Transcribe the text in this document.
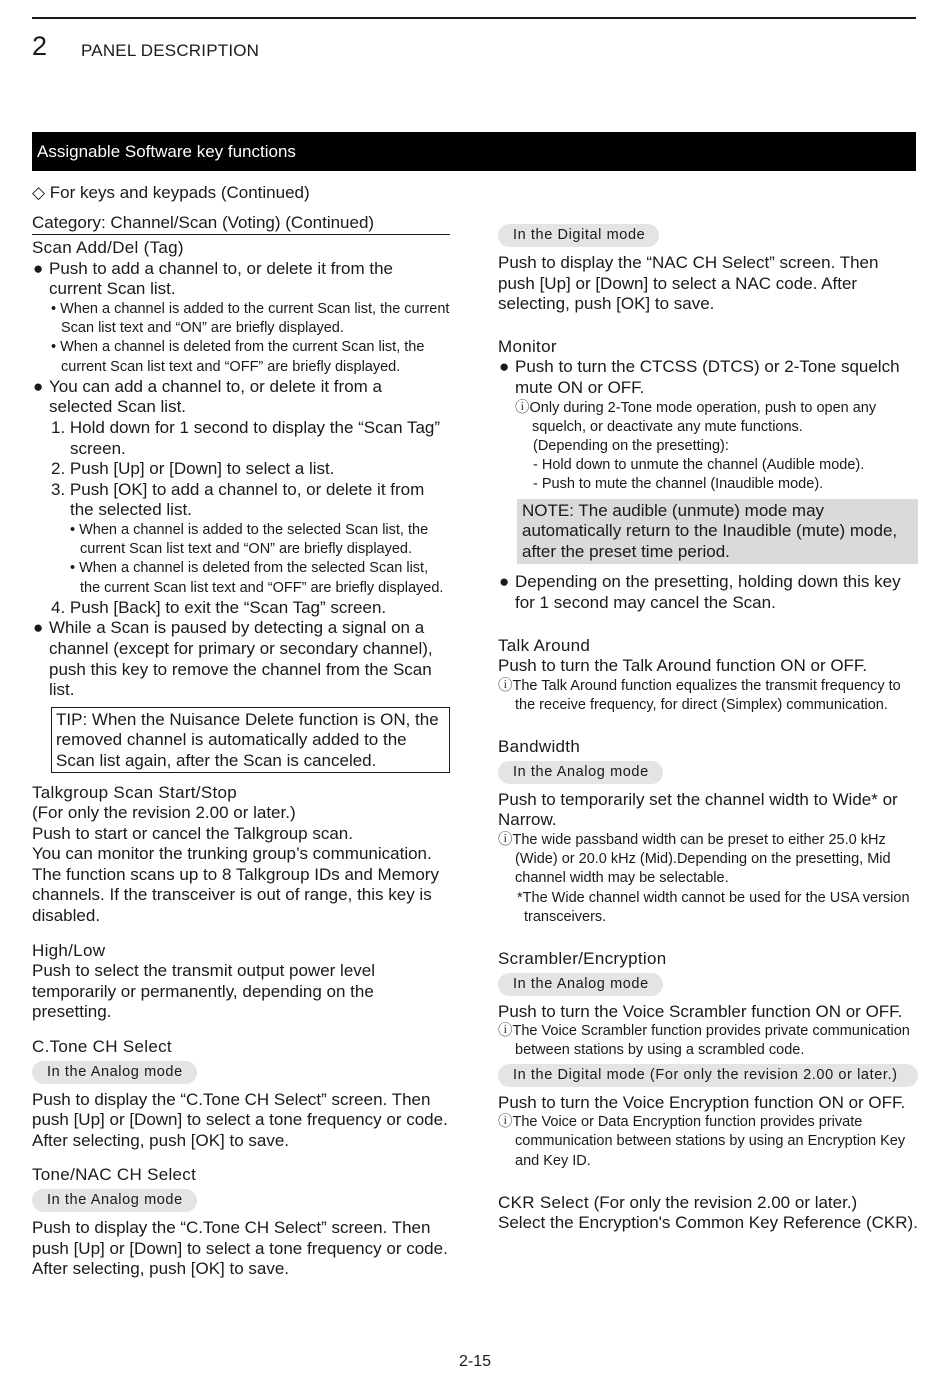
2 PANEL DESCRIPTION
Assignable Software key functions

◇ For keys and keypads (Continued)

Category: Channel/Scan (Voting) (Continued)

Scan Add/Del (Tag)

● Push to add a channel to, or delete it from the current Scan list.

• When a channel is added to the current Scan list, the current Scan list text and “ON” are briefly displayed.

• When a channel is deleted from the current Scan list, the current Scan list text and “OFF” are briefly displayed.

● You can add a channel to, or delete it from a selected Scan list.

1. Hold down for 1 second to display the “Scan Tag” screen.

2. Push [Up] or [Down] to select a list.

3. Push [OK] to add a channel to, or delete it from the selected list.

• When a channel is added to the selected Scan list, the current Scan list text and “ON” are briefly displayed.

• When a channel is deleted from the selected Scan list, the current Scan list text and “OFF” are briefly displayed.

4. Push [Back] to exit the “Scan Tag” screen.

● While a Scan is paused by detecting a signal on a channel (except for primary or secondary channel), push this key to remove the channel from the Scan list.

TIP: When the Nuisance Delete function is ON, the removed channel is automatically added to the Scan list again, after the Scan is canceled.

Talkgroup Scan Start/Stop

(For only the revision 2.00 or later.)

Push to start or cancel the Talkgroup scan.

You can monitor the trunking group’s communication. The function scans up to 8 Talkgroup IDs and Memory channels. If the transceiver is out of range, this key is disabled.

High/Low

Push to select the transmit output power level temporarily or permanently, depending on the presetting.

C.Tone CH Select

In the Analog mode

Push to display the “C.Tone CH Select” screen. Then push [Up] or [Down] to select a tone frequency or code. After selecting, push [OK] to save.

Tone/NAC CH Select

In the Analog mode

Push to display the “C.Tone CH Select” screen. Then push [Up] or [Down] to select a tone frequency or code. After selecting, push [OK] to save.

In the Digital mode

Push to display the “NAC CH Select” screen. Then push [Up] or [Down] to select a NAC code. After selecting, push [OK] to save.

Monitor

● Push to turn the CTCSS (DTCS) or 2-Tone squelch mute ON or OFF.

ⓘOnly during 2-Tone mode operation, push to open any squelch, or deactivate any mute functions.

(Depending on the presetting):

- Hold down to unmute the channel (Audible mode).

- Push to mute the channel (Inaudible mode).

NOTE: The audible (unmute) mode may automatically return to the Inaudible (mute) mode, after the preset time period.

● Depending on the presetting, holding down this key for 1 second may cancel the Scan.

Talk Around

Push to turn the Talk Around function ON or OFF.

ⓘThe Talk Around function equalizes the transmit frequency to the receive frequency, for direct (Simplex) communication.

Bandwidth

In the Analog mode

Push to temporarily set the channel width to Wide* or Narrow.

ⓘThe wide passband width can be preset to either 25.0 kHz (Wide) or 20.0 kHz (Mid).Depending on the presetting, Mid channel width may be selectable.

*The Wide channel width cannot be used for the USA version transceivers.

Scrambler/Encryption

In the Analog mode

Push to turn the Voice Scrambler function ON or OFF.

ⓘThe Voice Scrambler function provides private communication between stations by using a scrambled code.

In the Digital mode (For only the revision 2.00 or later.)

Push to turn the Voice Encryption function ON or OFF.

ⓘThe Voice or Data Encryption function provides private communication between stations by using an Encryption Key and Key ID.

CKR Select (For only the revision 2.00 or later.)

Select the Encryption's Common Key Reference (CKR).

2-15
